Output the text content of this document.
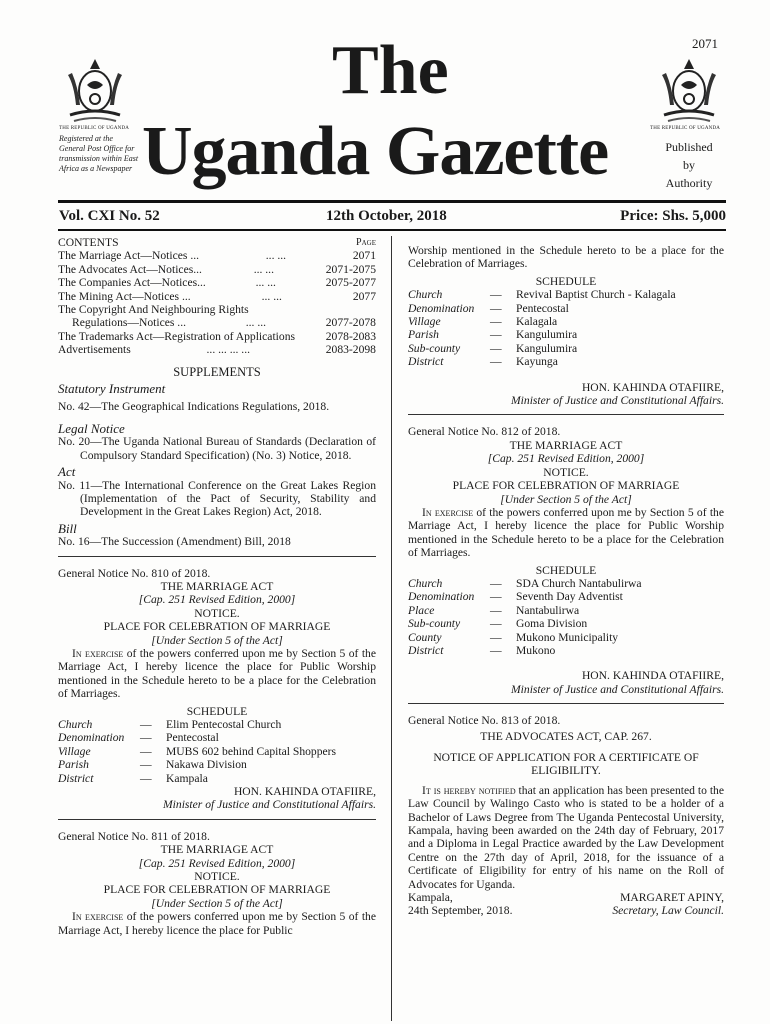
2071
THE REPUBLIC OF UGANDA
Registered at the General Post Office for transmission within East Africa as a Newspaper
The
Uganda Gazette	THE REPUBLIC OF UGANDA
Published
by
Authority
Vol. CXI No. 52	12th October, 2018	Price: Shs. 5,000
CONTENTS	Page
The Marriage Act—Notices ...	... ...	2071
The Advocates Act—Notices...	... ...	2071-2075
The Companies Act—Notices...	... ...	2075-2077
The Mining Act—Notices ...	... ...	2077
The Copyright And Neighbouring Rights
Regulations—Notices ...	... ...	2077-2078
The Trademarks Act—Registration of Applications	2078-2083
Advertisements	... ... ... ...	2083-2098
SUPPLEMENTS
Statutory Instrument
No. 42—The Geographical Indications Regulations, 2018.
Legal Notice
No. 20—The Uganda National Bureau of Standards (Declaration of Compulsory Standard Specification) (No. 3) Notice, 2018.
Act
No. 11—The International Conference on the Great Lakes Region (Implementation of the Pact of Security, Stability and Development in the Great Lakes Region) Act, 2018.
Bill
No. 16—The Succession (Amendment) Bill, 2018
General Notice No. 810 of 2018.
THE MARRIAGE ACT
[Cap. 251 Revised Edition, 2000]
NOTICE.
PLACE FOR CELEBRATION OF MARRIAGE
[Under Section 5 of the Act]
In exercise of the powers conferred upon me by Section 5 of the Marriage Act, I hereby licence the place for Public Worship mentioned in the Schedule hereto to be a place for the Celebration of Marriages.
SCHEDULE
Church	—	Elim Pentecostal Church
Denomination	—	Pentecostal
Village	—	MUBS 602 behind Capital Shoppers
Parish	—	Nakawa Division
District	—	Kampala
HON. KAHINDA OTAFIIRE,
Minister of Justice and Constitutional Affairs.
General Notice No. 811 of 2018.
THE MARRIAGE ACT
[Cap. 251 Revised Edition, 2000]
NOTICE.
PLACE FOR CELEBRATION OF MARRIAGE
[Under Section 5 of the Act]
In exercise of the powers conferred upon me by Section 5 of the Marriage Act, I hereby licence the place for Public
Worship mentioned in the Schedule hereto to be a place for the Celebration of Marriages.
SCHEDULE
Church	—	Revival Baptist Church - Kalagala
Denomination	—	Pentecostal
Village	—	Kalagala
Parish	—	Kangulumira
Sub-county	—	Kangulumira
District	—	Kayunga
HON. KAHINDA OTAFIIRE,
Minister of Justice and Constitutional Affairs.
General Notice No. 812 of 2018.
THE MARRIAGE ACT
[Cap. 251 Revised Edition, 2000]
NOTICE.
PLACE FOR CELEBRATION OF MARRIAGE
[Under Section 5 of the Act]
In exercise of the powers conferred upon me by Section 5 of the Marriage Act, I hereby licence the place for Public Worship mentioned in the Schedule hereto to be a place for the Celebration of Marriages.
SCHEDULE
Church	—	SDA Church Nantabulirwa
Denomination	—	Seventh Day Adventist
Place	—	Nantabulirwa
Sub-county	—	Goma Division
County	—	Mukono Municipality
District	—	Mukono
HON. KAHINDA OTAFIIRE,
Minister of Justice and Constitutional Affairs.
General Notice No. 813 of 2018.
THE ADVOCATES ACT, CAP. 267.
NOTICE OF APPLICATION FOR A CERTIFICATE OF ELIGIBILITY.
It is hereby notified that an application has been presented to the Law Council by Walingo Casto who is stated to be a holder of a Bachelor of Laws Degree from The Uganda Pentecostal University, Kampala, having been awarded on the 24th day of February, 2017 and a Diploma in Legal Practice awarded by the Law Development Centre on the 27th day of April, 2018, for the issuance of a Certificate of Eligibility for entry of his name on the Roll of Advocates for Uganda.
Kampala,	MARGARET APINY,
24th September, 2018.	Secretary, Law Council.
